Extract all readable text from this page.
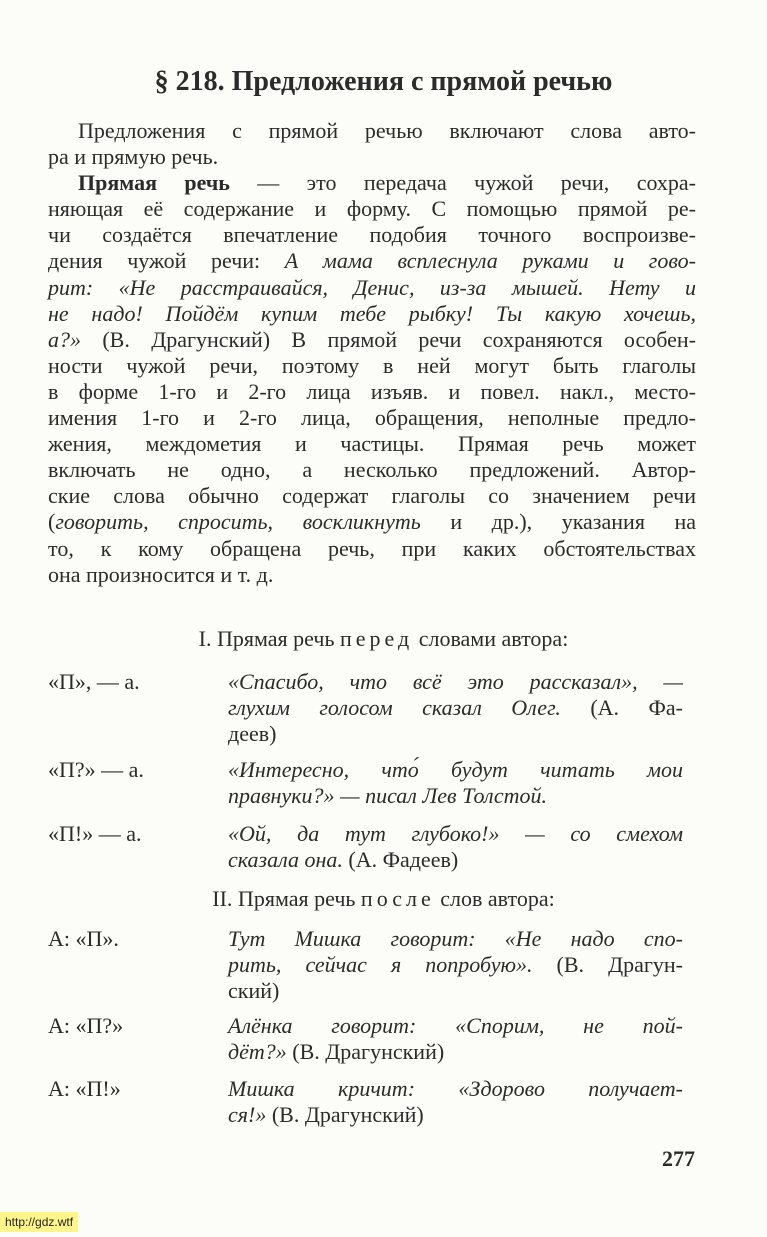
§ 218. Предложения с прямой речью
Предложения с прямой речью включают слова авто-
ра и прямую речь.
Прямая речь — это передача чужой речи, сохра-
няющая её содержание и форму. С помощью прямой ре-
чи создаётся впечатление подобия точного воспроизве-
дения чужой речи: А мама всплеснула руками и гово-
рит: «Не расстраивайся, Денис, из-за мышей. Нету и
не надо! Пойдём купим тебе рыбку! Ты какую хочешь,
а?» (В. Драгунский) В прямой речи сохраняются особен-
ности чужой речи, поэтому в ней могут быть глаголы
в форме 1-го и 2-го лица изъяв. и повел. накл., место-
имения 1-го и 2-го лица, обращения, неполные предло-
жения, междометия и частицы. Прямая речь может
включать не одно, а несколько предложений. Автор-
ские слова обычно содержат глаголы со значением речи
(говорить, спросить, воскликнуть и др.), указания на
то, к кому обращена речь, при каких обстоятельствах
она произносится и т. д.
I. Прямая речь перед словами автора:
«П», — а.	«Спасибо, что всё это рассказал», —
глухим голосом сказал Олег. (А. Фа-
деев)
«П?» — а.	«Интересно, что́ будут читать мои
правнуки?» — писал Лев Толстой.
«П!» — а.	«Ой, да тут глубоко!» — со смехом
сказала она. (А. Фадеев)
II. Прямая речь после слов автора:
А: «П».	Тут Мишка говорит: «Не надо спо-
рить, сейчас я попробую». (В. Драгун-
ский)
А: «П?»	Алёнка говорит: «Спорим, не пой-
дёт?» (В. Драгунский)
А: «П!»	Мишка кричит: «Здорово получает-
ся!» (В. Драгунский)
277
http://gdz.wtf
